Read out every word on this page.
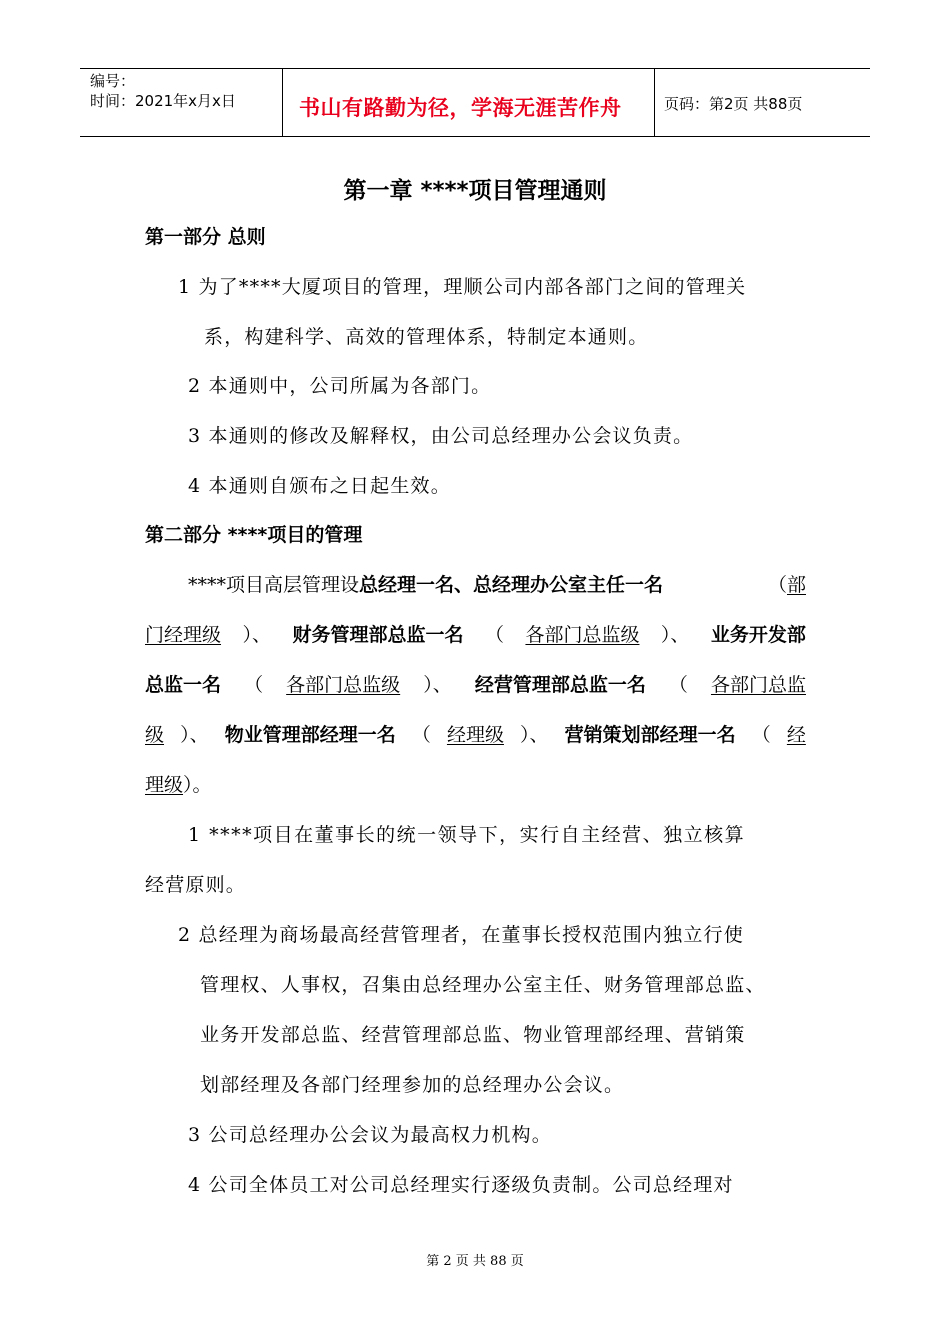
编号：
时间：2021年x月x日	书山有路勤为径，学海无涯苦作舟	页码：第2页 共88页
第一章 ****项目管理通则
第一部分 总则
1 为了****大厦项目的管理，理顺公司内部各部门之间的管理关
系，构建科学、高效的管理体系，特制定本通则。
2 本通则中，公司所属为各部门。
3 本通则的修改及解释权，由公司总经理办公会议负责。
4 本通则自颁布之日起生效。
第二部分 ****项目的管理
****项目高层管理设总经理一名、总经理办公室主任一名	（部
门经理级 ）、 财务管理部总监一名 （ 各部门总监级 ）、 业务开发部
总监一名 （ 各部门总监级 ）、 经营管理部总监一名 （ 各部门总监
级 ）、 物业管理部经理一名 （ 经理级 ）、 营销策划部经理一名 （ 经
理级）。
1 ****项目在董事长的统一领导下，实行自主经营、独立核算
经营原则。
2 总经理为商场最高经营管理者，在董事长授权范围内独立行使
管理权、人事权，召集由总经理办公室主任、财务管理部总监、
业务开发部总监、经营管理部总监、物业管理部经理、营销策
划部经理及各部门经理参加的总经理办公会议。
3 公司总经理办公会议为最高权力机构。
4 公司全体员工对公司总经理实行逐级负责制。公司总经理对
第 2 页 共 88 页
